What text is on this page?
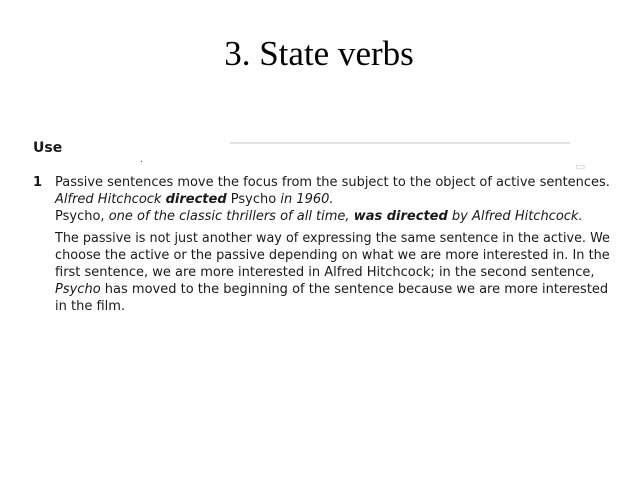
3. State verbs
▭
Use
·
1 Passive sentences move the focus from the subject to the object of active sentences.
Alfred Hitchcock directed Psycho in 1960.
Psycho, one of the classic thrillers of all time, was directed by Alfred Hitchcock.
The passive is not just another way of expressing the same sentence in the active. We
choose the active or the passive depending on what we are more interested in. In the
first sentence, we are more interested in Alfred Hitchcock; in the second sentence,
Psycho has moved to the beginning of the sentence because we are more interested
in the film.
